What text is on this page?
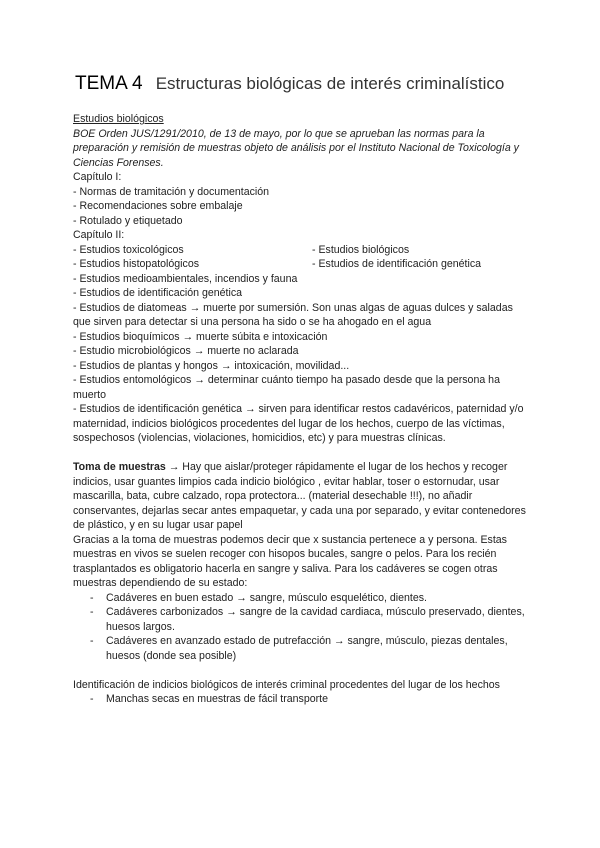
TEMA 4 Estructuras biológicas de interés criminalístico

Estudios biológicos

BOE Orden JUS/1291/2010, de 13 de mayo, por lo que se aprueban las normas para la preparación y remisión de muestras objeto de análisis por el Instituto Nacional de Toxicología y Ciencias Forenses.

Capítulo I:

- Normas de tramitación y documentación

- Recomendaciones sobre embalaje

- Rotulado y etiquetado

Capítulo II:

- Estudios toxicológicos	- Estudios biológicos
- Estudios histopatológicos	- Estudios de identificación genética

- Estudios medioambientales, incendios y fauna

- Estudios de identificación genética

- Estudios de diatomeas → muerte por sumersión. Son unas algas de aguas dulces y saladas que sirven para detectar si una persona ha sido o se ha ahogado en el agua

- Estudios bioquímicos → muerte súbita e intoxicación

- Estudio microbiológicos → muerte no aclarada

- Estudios de plantas y hongos → intoxicación, movilidad...

- Estudios entomológicos → determinar cuánto tiempo ha pasado desde que la persona ha muerto

- Estudios de identificación genética → sirven para identificar restos cadavéricos, paternidad y/o maternidad, indicios biológicos procedentes del lugar de los hechos, cuerpo de las víctimas, sospechosos (violencias, violaciones, homicidios, etc) y para muestras clínicas.

Toma de muestras → Hay que aislar/proteger rápidamente el lugar de los hechos y recoger indicios, usar guantes limpios cada indicio biológico , evitar hablar, toser o estornudar, usar mascarilla, bata, cubre calzado, ropa protectora... (material desechable !!!), no añadir conservantes, dejarlas secar antes empaquetar, y cada una por separado, y evitar contenedores de plástico, y en su lugar usar papel

Gracias a la toma de muestras podemos decir que x sustancia pertenece a y persona. Estas muestras en vivos se suelen recoger con hisopos bucales, sangre o pelos. Para los recién trasplantados es obligatorio hacerla en sangre y saliva. Para los cadáveres se cogen otras muestras dependiendo de su estado:

-	Cadáveres en buen estado → sangre, músculo esquelético, dientes.
-	Cadáveres carbonizados → sangre de la cavidad cardiaca, músculo preservado, dientes, huesos largos.
-	Cadáveres en avanzado estado de putrefacción → sangre, músculo, piezas dentales, huesos (donde sea posible)

Identificación de indicios biológicos de interés criminal procedentes del lugar de los hechos

-	Manchas secas en muestras de fácil transporte
